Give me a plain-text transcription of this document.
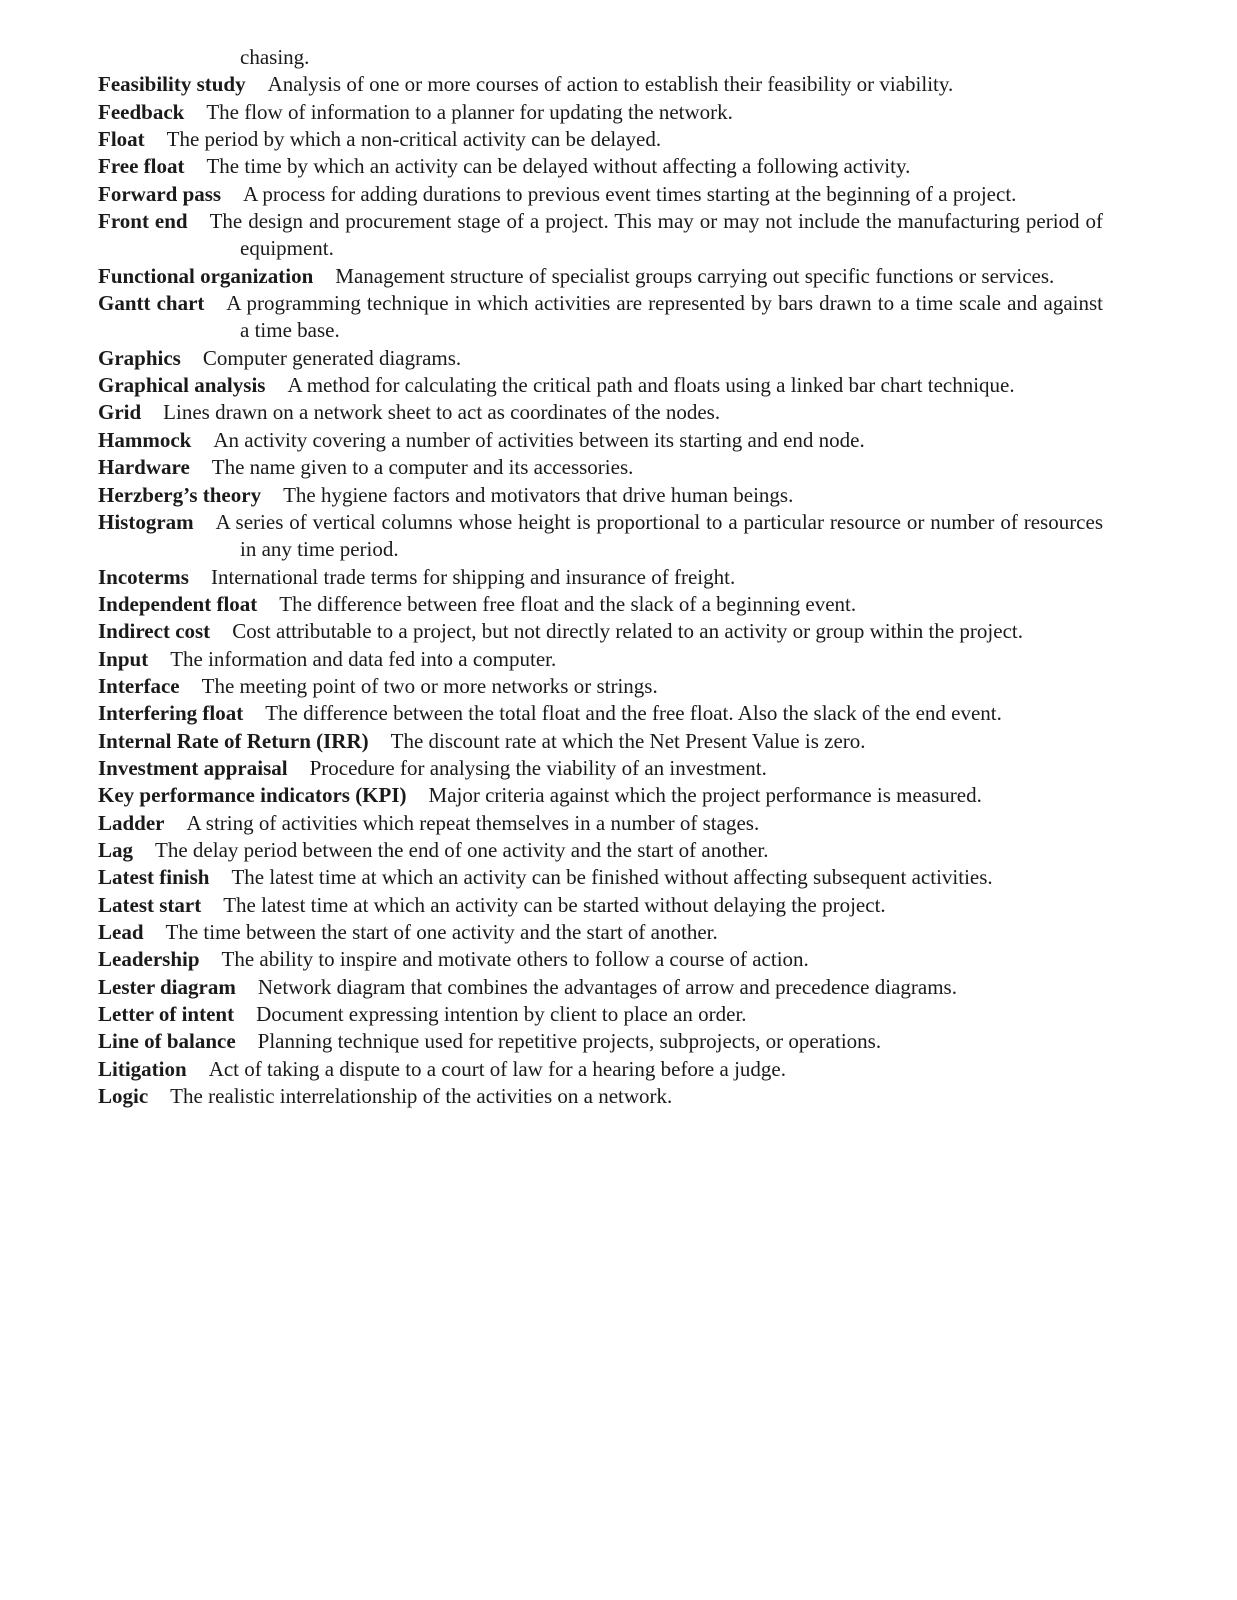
chasing.

Feasibility study Analysis of one or more courses of action to establish their feasibility or viability.

Feedback The flow of information to a planner for updating the network.

Float The period by which a non-critical activity can be delayed.

Free float The time by which an activity can be delayed without affecting a following activity.

Forward pass A process for adding durations to previous event times starting at the beginning of a project.

Front end The design and procurement stage of a project. This may or may not include the manufacturing period of equipment.

Functional organization Management structure of specialist groups carrying out specific functions or services.

Gantt chart A programming technique in which activities are represented by bars drawn to a time scale and against a time base.

Graphics Computer generated diagrams.

Graphical analysis A method for calculating the critical path and floats using a linked bar chart technique.

Grid Lines drawn on a network sheet to act as coordinates of the nodes.

Hammock An activity covering a number of activities between its starting and end node.

Hardware The name given to a computer and its accessories.

Herzberg’s theory The hygiene factors and motivators that drive human beings.

Histogram A series of vertical columns whose height is proportional to a particular resource or number of resources in any time period.

Incoterms International trade terms for shipping and insurance of freight.

Independent float The difference between free float and the slack of a beginning event.

Indirect cost Cost attributable to a project, but not directly related to an activity or group within the project.

Input The information and data fed into a computer.

Interface The meeting point of two or more networks or strings.

Interfering float The difference between the total float and the free float. Also the slack of the end event.

Internal Rate of Return (IRR) The discount rate at which the Net Present Value is zero.

Investment appraisal Procedure for analysing the viability of an investment.

Key performance indicators (KPI) Major criteria against which the project performance is measured.

Ladder A string of activities which repeat themselves in a number of stages.

Lag The delay period between the end of one activity and the start of another.

Latest finish The latest time at which an activity can be finished without affecting subsequent activities.

Latest start The latest time at which an activity can be started without delaying the project.

Lead The time between the start of one activity and the start of another.

Leadership The ability to inspire and motivate others to follow a course of action.

Lester diagram Network diagram that combines the advantages of arrow and precedence diagrams.

Letter of intent Document expressing intention by client to place an order.

Line of balance Planning technique used for repetitive projects, subprojects, or operations.

Litigation Act of taking a dispute to a court of law for a hearing before a judge.

Logic The realistic interrelationship of the activities on a network.
